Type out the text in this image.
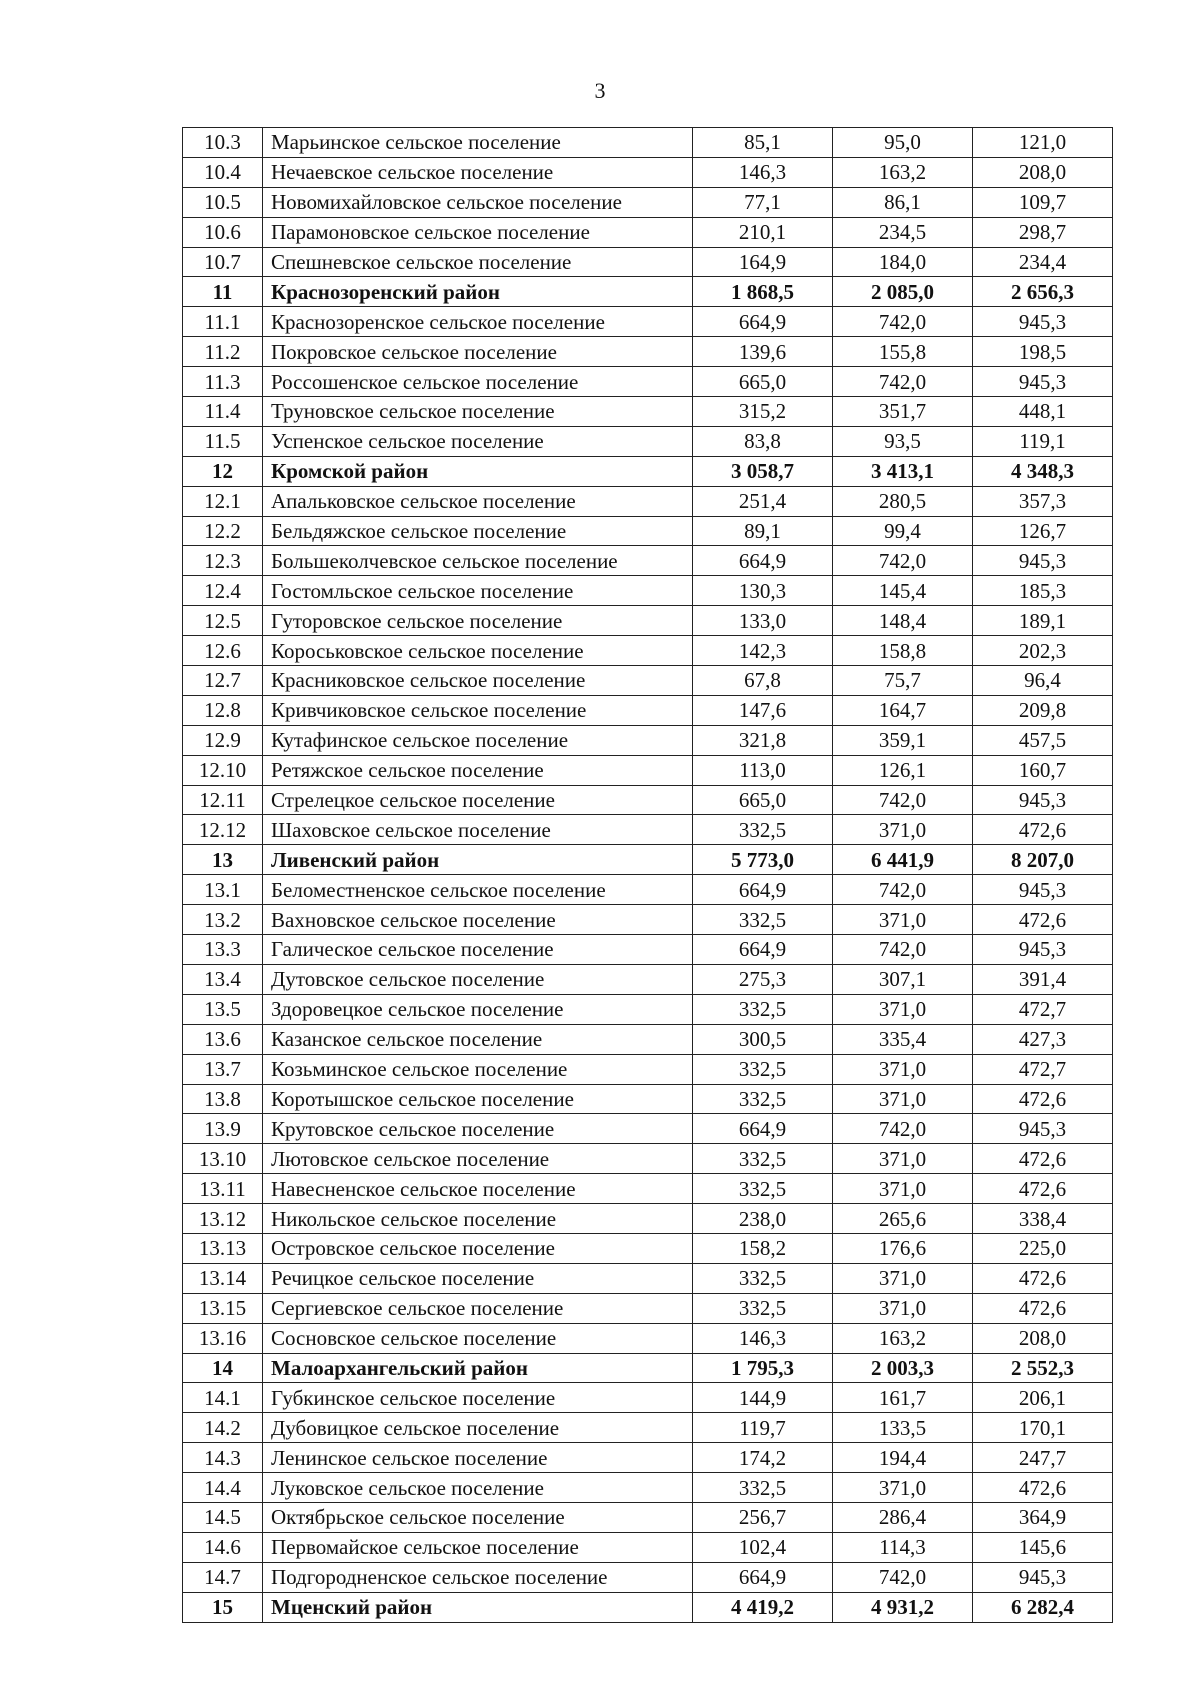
3
10.3	Марьинское сельское поселение	85,1	95,0	121,0
10.4	Нечаевское сельское поселение	146,3	163,2	208,0
10.5	Новомихайловское сельское поселение	77,1	86,1	109,7
10.6	Парамоновское сельское поселение	210,1	234,5	298,7
10.7	Спешневское сельское поселение	164,9	184,0	234,4
11	Краснозоренский район	1 868,5	2 085,0	2 656,3
11.1	Краснозоренское сельское поселение	664,9	742,0	945,3
11.2	Покровское сельское поселение	139,6	155,8	198,5
11.3	Россошенское сельское поселение	665,0	742,0	945,3
11.4	Труновское сельское поселение	315,2	351,7	448,1
11.5	Успенское сельское поселение	83,8	93,5	119,1
12	Кромской район	3 058,7	3 413,1	4 348,3
12.1	Апальковское сельское поселение	251,4	280,5	357,3
12.2	Бельдяжское сельское поселение	89,1	99,4	126,7
12.3	Большеколчевское сельское поселение	664,9	742,0	945,3
12.4	Гостомльское сельское поселение	130,3	145,4	185,3
12.5	Гуторовское сельское поселение	133,0	148,4	189,1
12.6	Короськовское сельское поселение	142,3	158,8	202,3
12.7	Красниковское сельское поселение	67,8	75,7	96,4
12.8	Кривчиковское сельское поселение	147,6	164,7	209,8
12.9	Кутафинское сельское поселение	321,8	359,1	457,5
12.10	Ретяжское сельское поселение	113,0	126,1	160,7
12.11	Стрелецкое сельское поселение	665,0	742,0	945,3
12.12	Шаховское сельское поселение	332,5	371,0	472,6
13	Ливенский район	5 773,0	6 441,9	8 207,0
13.1	Беломестненское сельское поселение	664,9	742,0	945,3
13.2	Вахновское сельское поселение	332,5	371,0	472,6
13.3	Галическое сельское поселение	664,9	742,0	945,3
13.4	Дутовское сельское поселение	275,3	307,1	391,4
13.5	Здоровецкое сельское поселение	332,5	371,0	472,7
13.6	Казанское сельское поселение	300,5	335,4	427,3
13.7	Козьминское сельское поселение	332,5	371,0	472,7
13.8	Коротышское сельское поселение	332,5	371,0	472,6
13.9	Крутовское сельское поселение	664,9	742,0	945,3
13.10	Лютовское сельское поселение	332,5	371,0	472,6
13.11	Навесненское сельское поселение	332,5	371,0	472,6
13.12	Никольское сельское поселение	238,0	265,6	338,4
13.13	Островское сельское поселение	158,2	176,6	225,0
13.14	Речицкое сельское поселение	332,5	371,0	472,6
13.15	Сергиевское сельское поселение	332,5	371,0	472,6
13.16	Сосновское сельское поселение	146,3	163,2	208,0
14	Малоархангельский район	1 795,3	2 003,3	2 552,3
14.1	Губкинское сельское поселение	144,9	161,7	206,1
14.2	Дубовицкое сельское поселение	119,7	133,5	170,1
14.3	Ленинское сельское поселение	174,2	194,4	247,7
14.4	Луковское сельское поселение	332,5	371,0	472,6
14.5	Октябрьское сельское поселение	256,7	286,4	364,9
14.6	Первомайское сельское поселение	102,4	114,3	145,6
14.7	Подгородненское сельское поселение	664,9	742,0	945,3
15	Мценский район	4 419,2	4 931,2	6 282,4
